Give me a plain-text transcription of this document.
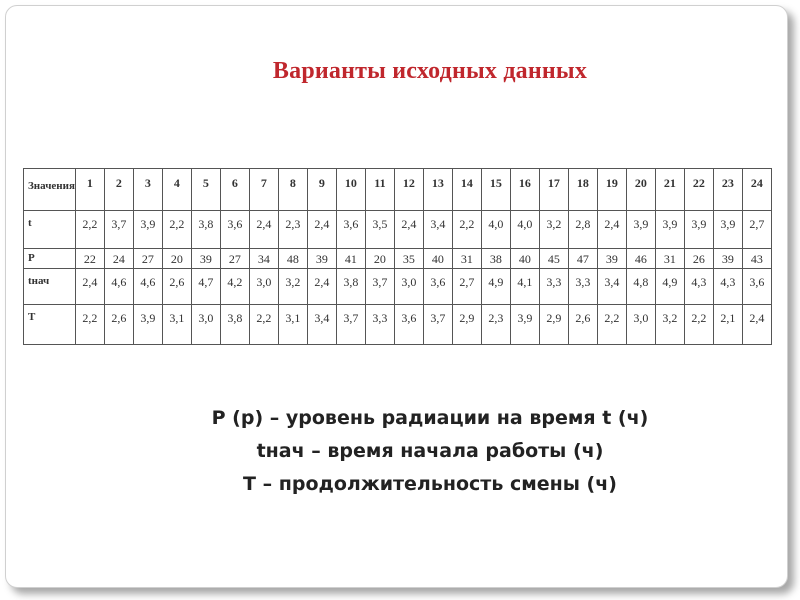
Варианты исходных данных
Значения	1	2	3	4	5	6	7	8	9	10	11	12	13	14	15	16	17	18	19	20	21	22	23	24
t	2,2	3,7	3,9	2,2	3,8	3,6	2,4	2,3	2,4	3,6	3,5	2,4	3,4	2,2	4,0	4,0	3,2	2,8	2,4	3,9	3,9	3,9	3,9	2,7
P	22	24	27	20	39	27	34	48	39	41	20	35	40	31	38	40	45	47	39	46	31	26	39	43
tнач	2,4	4,6	4,6	2,6	4,7	4,2	3,0	3,2	2,4	3,8	3,7	3,0	3,6	2,7	4,9	4,1	3,3	3,3	3,4	4,8	4,9	4,3	4,3	3,6
T	2,2	2,6	3,9	3,1	3,0	3,8	2,2	3,1	3,4	3,7	3,3	3,6	3,7	2,9	2,3	3,9	2,9	2,6	2,2	3,0	3,2	2,2	2,1	2,4
P (р) – уровень радиации на время t (ч)
tнач – время начала работы (ч)
T – продолжительность смены (ч)
